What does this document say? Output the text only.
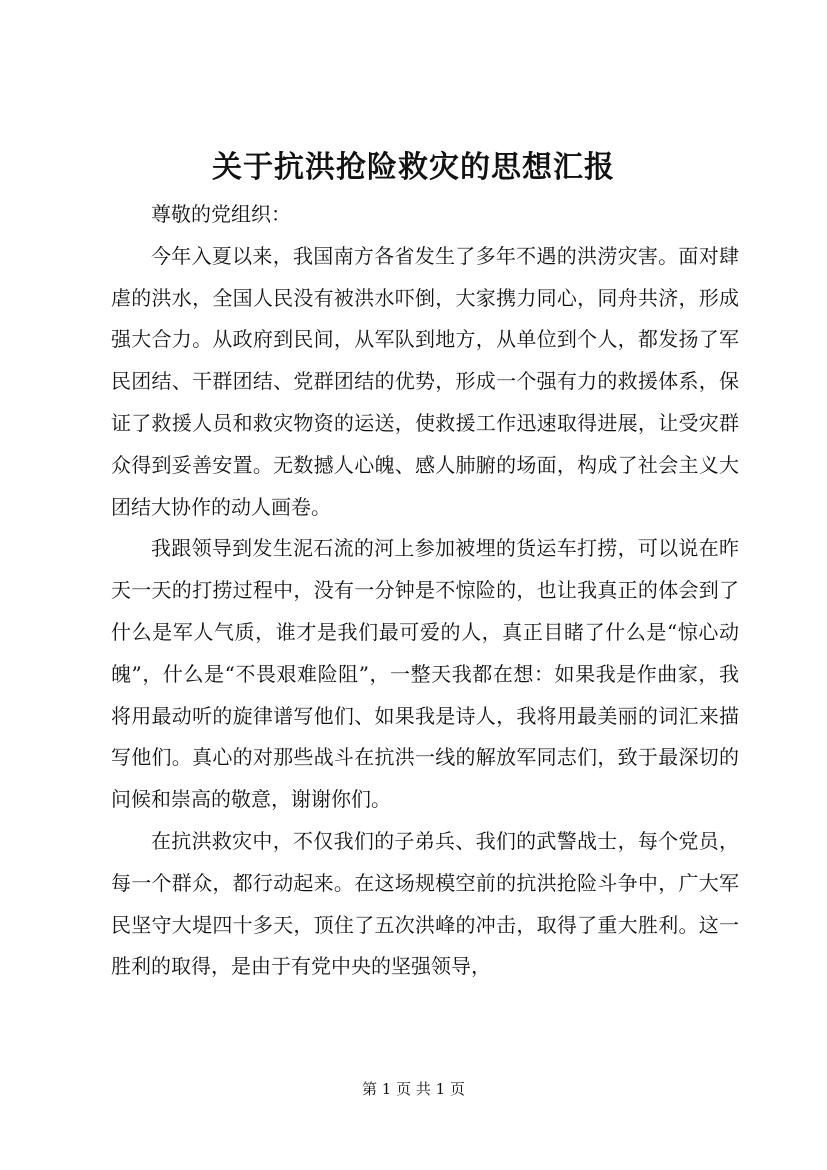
关于抗洪抢险救灾的思想汇报

尊敬的党组织：

今年入夏以来，我国南方各省发生了多年不遇的洪涝灾害。面对肆虐的洪水，全国人民没有被洪水吓倒，大家携力同心，同舟共济，形成强大合力。从政府到民间，从军队到地方，从单位到个人，都发扬了军民团结、干群团结、党群团结的优势，形成一个强有力的救援体系，保证了救援人员和救灾物资的运送，使救援工作迅速取得进展，让受灾群众得到妥善安置。无数撼人心魄、感人肺腑的场面，构成了社会主义大团结大协作的动人画卷。

我跟领导到发生泥石流的河上参加被埋的货运车打捞，可以说在昨天一天的打捞过程中，没有一分钟是不惊险的，也让我真正的体会到了什么是军人气质，谁才是我们最可爱的人，真正目睹了什么是“惊心动魄”，什么是“不畏艰难险阻”，一整天我都在想：如果我是作曲家，我将用最动听的旋律谱写他们、如果我是诗人，我将用最美丽的词汇来描写他们。真心的对那些战斗在抗洪一线的解放军同志们，致于最深切的问候和崇高的敬意，谢谢你们。

在抗洪救灾中，不仅我们的子弟兵、我们的武警战士，每个党员，每一个群众，都行动起来。在这场规模空前的抗洪抢险斗争中，广大军民坚守大堤四十多天，顶住了五次洪峰的冲击，取得了重大胜利。这一胜利的取得，是由于有党中央的坚强领导，

第 1 页 共 1 页
